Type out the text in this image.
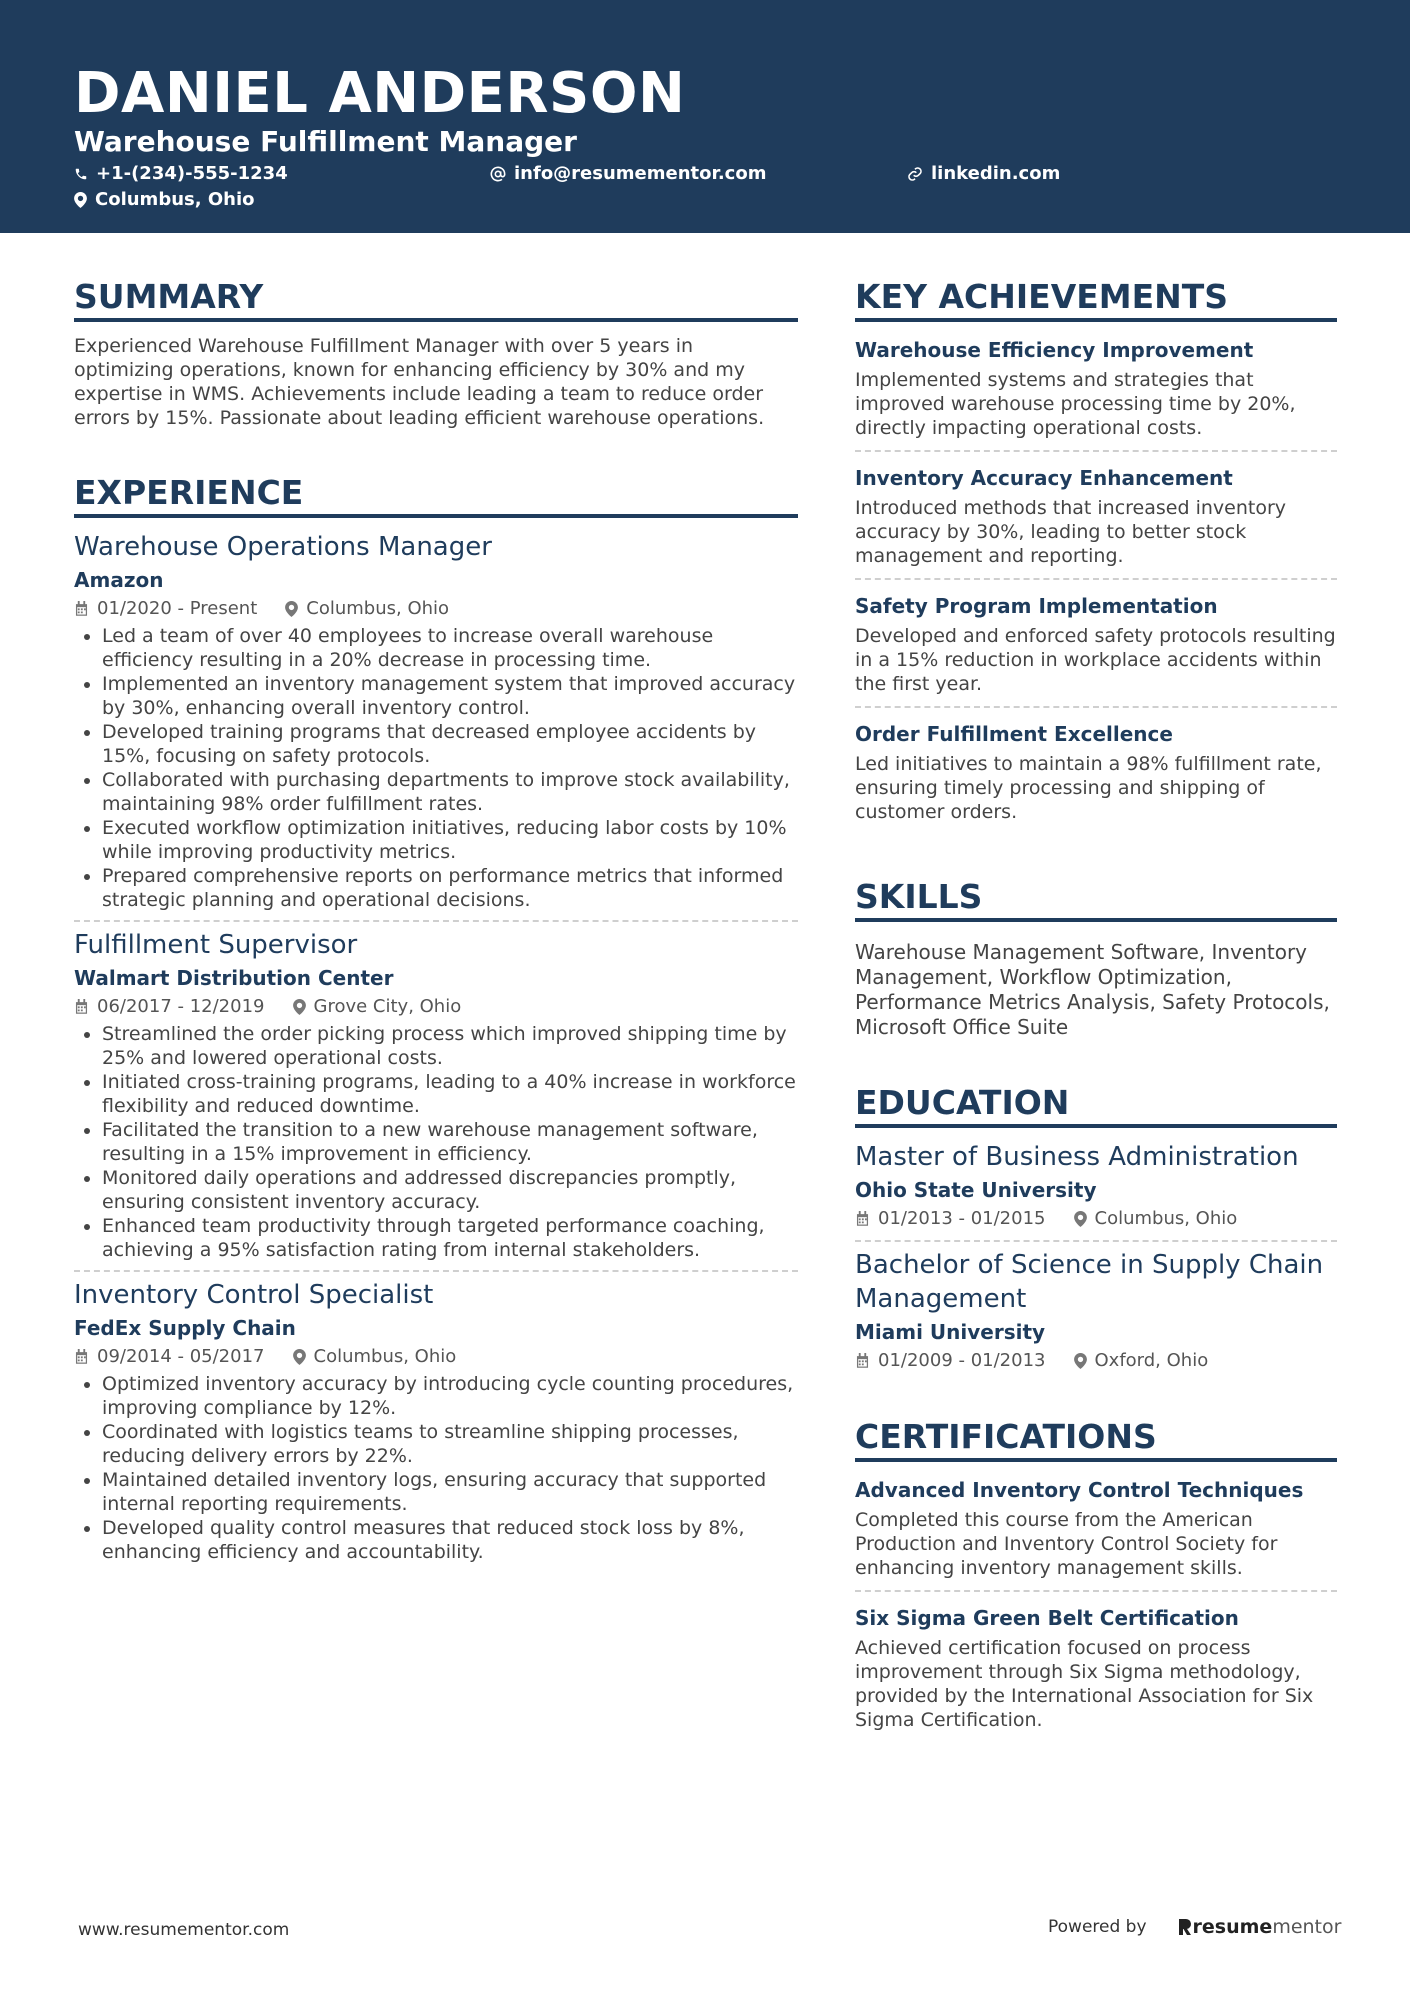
DANIEL ANDERSON
Warehouse Fulfillment Manager
+1-(234)-555-1234	info@resumementor.com	linkedin.com
Columbus, Ohio
SUMMARY
Experienced Warehouse Fulfillment Manager with over 5 years in optimizing operations, known for enhancing efficiency by 30% and my expertise in WMS. Achievements include leading a team to reduce order errors by 15%. Passionate about leading efficient warehouse operations.
EXPERIENCE
Warehouse Operations Manager
Amazon
01/2020 - Present	Columbus, Ohio
• Led a team of over 40 employees to increase overall warehouse efficiency resulting in a 20% decrease in processing time.
• Implemented an inventory management system that improved accuracy by 30%, enhancing overall inventory control.
• Developed training programs that decreased employee accidents by 15%, focusing on safety protocols.
• Collaborated with purchasing departments to improve stock availability, maintaining 98% order fulfillment rates.
• Executed workflow optimization initiatives, reducing labor costs by 10% while improving productivity metrics.
• Prepared comprehensive reports on performance metrics that informed strategic planning and operational decisions.
Fulfillment Supervisor
Walmart Distribution Center
06/2017 - 12/2019	Grove City, Ohio
• Streamlined the order picking process which improved shipping time by 25% and lowered operational costs.
• Initiated cross-training programs, leading to a 40% increase in workforce flexibility and reduced downtime.
• Facilitated the transition to a new warehouse management software, resulting in a 15% improvement in efficiency.
• Monitored daily operations and addressed discrepancies promptly, ensuring consistent inventory accuracy.
• Enhanced team productivity through targeted performance coaching, achieving a 95% satisfaction rating from internal stakeholders.
Inventory Control Specialist
FedEx Supply Chain
09/2014 - 05/2017	Columbus, Ohio
• Optimized inventory accuracy by introducing cycle counting procedures, improving compliance by 12%.
• Coordinated with logistics teams to streamline shipping processes, reducing delivery errors by 22%.
• Maintained detailed inventory logs, ensuring accuracy that supported internal reporting requirements.
• Developed quality control measures that reduced stock loss by 8%, enhancing efficiency and accountability.
KEY ACHIEVEMENTS
Warehouse Efficiency Improvement
Implemented systems and strategies that improved warehouse processing time by 20%, directly impacting operational costs.
Inventory Accuracy Enhancement
Introduced methods that increased inventory accuracy by 30%, leading to better stock management and reporting.
Safety Program Implementation
Developed and enforced safety protocols resulting in a 15% reduction in workplace accidents within the first year.
Order Fulfillment Excellence
Led initiatives to maintain a 98% fulfillment rate, ensuring timely processing and shipping of customer orders.
SKILLS
Warehouse Management Software, Inventory Management, Workflow Optimization, Performance Metrics Analysis, Safety Protocols, Microsoft Office Suite
EDUCATION
Master of Business Administration
Ohio State University
01/2013 - 01/2015	Columbus, Ohio
Bachelor of Science in Supply Chain Management
Miami University
01/2009 - 01/2013	Oxford, Ohio
CERTIFICATIONS
Advanced Inventory Control Techniques
Completed this course from the American Production and Inventory Control Society for enhancing inventory management skills.
Six Sigma Green Belt Certification
Achieved certification focused on process improvement through Six Sigma methodology, provided by the International Association for Six Sigma Certification.
www.resumementor.com	Powered by resume mentor
